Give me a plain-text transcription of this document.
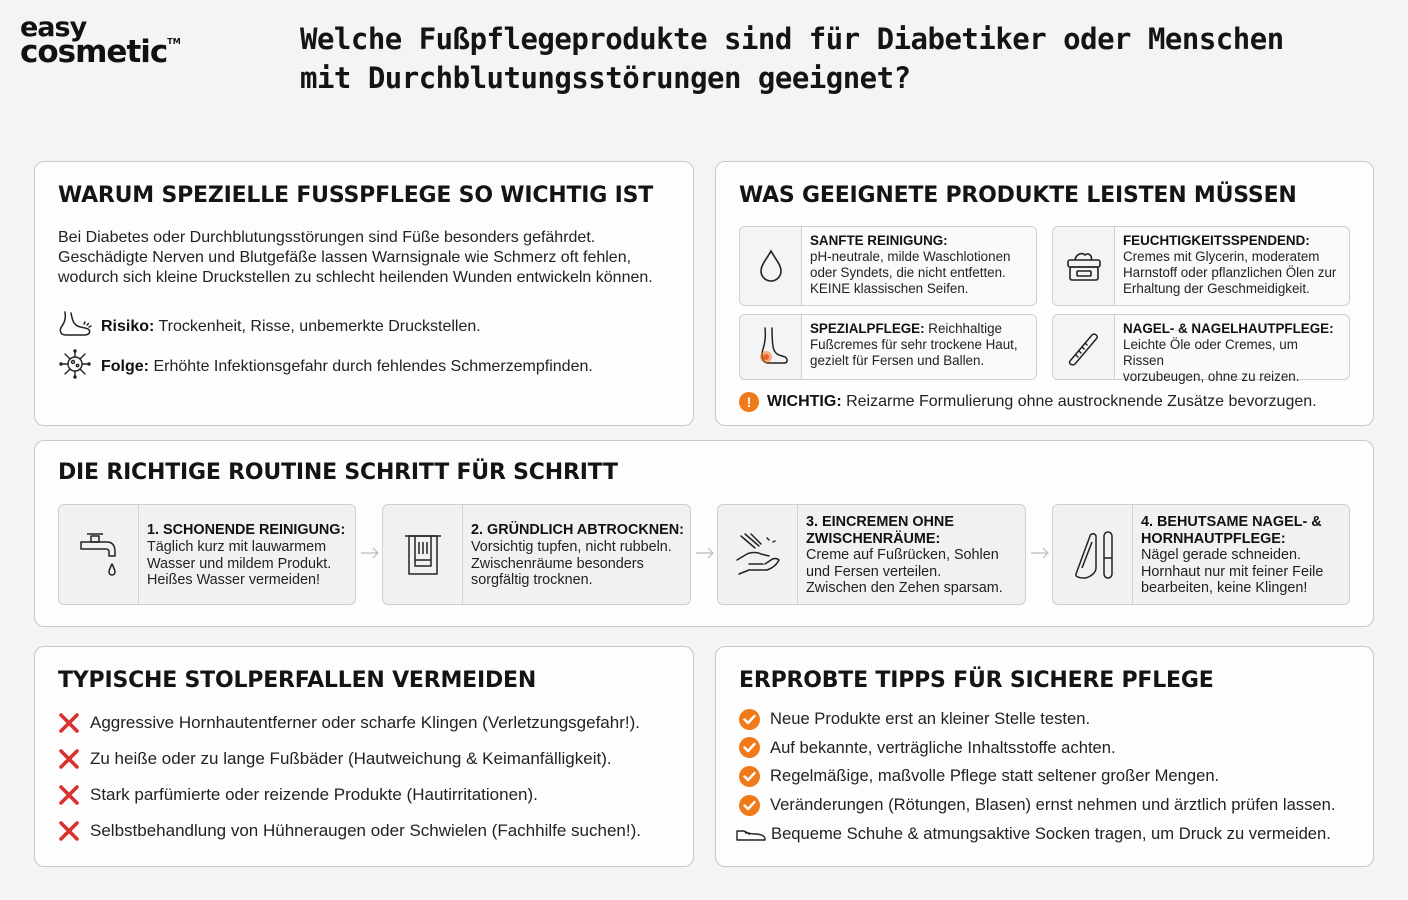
easy
cosmetic™	Welche Fußpflegeprodukte sind für Diabetiker oder Menschen
mit Durchblutungsstörungen geeignet?
WARUM SPEZIELLE FUSSPFLEGE SO WICHTIG IST
Bei Diabetes oder Durchblutungsstörungen sind Füße besonders gefährdet.
Geschädigte Nerven und Blutgefäße lassen Warnsignale wie Schmerz oft fehlen,
wodurch sich kleine Druckstellen zu schlecht heilenden Wunden entwickeln können.
Risiko: Trockenheit, Risse, unbemerkte Druckstellen.
Folge: Erhöhte Infektionsgefahr durch fehlendes Schmerzempfinden.
WAS GEEIGNETE PRODUKTE LEISTEN MÜSSEN
SANFTE REINIGUNG:
pH-neutrale, milde Waschlotionen
oder Syndets, die nicht entfetten.
KEINE klassischen Seifen.
FEUCHTIGKEITSSPENDEND:
Cremes mit Glycerin, moderatem
Harnstoff oder pflanzlichen Ölen zur
Erhaltung der Geschmeidigkeit.
SPEZIALPFLEGE: Reichhaltige
Fußcremes für sehr trockene Haut,
gezielt für Fersen und Ballen.
NAGEL- & NAGELHAUTPFLEGE:
Leichte Öle oder Cremes, um Rissen
vorzubeugen, ohne zu reizen.
! WICHTIG: Reizarme Formulierung ohne austrocknende Zusätze bevorzugen.
DIE RICHTIGE ROUTINE SCHRITT FÜR SCHRITT
1. SCHONENDE REINIGUNG:
Täglich kurz mit lauwarmem
Wasser und mildem Produkt.
Heißes Wasser vermeiden!
2. GRÜNDLICH ABTROCKNEN:
Vorsichtig tupfen, nicht rubbeln.
Zwischenräume besonders
sorgfältig trocknen.
3. EINCREMEN OHNE
ZWISCHENRÄUME:
Creme auf Fußrücken, Sohlen
und Fersen verteilen.
Zwischen den Zehen sparsam.
4. BEHUTSAME NAGEL- &
HORNHAUTPFLEGE:
Nägel gerade schneiden.
Hornhaut nur mit feiner Feile
bearbeiten, keine Klingen!
TYPISCHE STOLPERFALLEN VERMEIDEN
Aggressive Hornhautentferner oder scharfe Klingen (Verletzungsgefahr!).
Zu heiße oder zu lange Fußbäder (Hautweichung & Keimanfälligkeit).
Stark parfümierte oder reizende Produkte (Hautirritationen).
Selbstbehandlung von Hühneraugen oder Schwielen (Fachhilfe suchen!).
ERPROBTE TIPPS FÜR SICHERE PFLEGE
Neue Produkte erst an kleiner Stelle testen.
Auf bekannte, verträgliche Inhaltsstoffe achten.
Regelmäßige, maßvolle Pflege statt seltener großer Mengen.
Veränderungen (Rötungen, Blasen) ernst nehmen und ärztlich prüfen lassen.
Bequeme Schuhe & atmungsaktive Socken tragen, um Druck zu vermeiden.
